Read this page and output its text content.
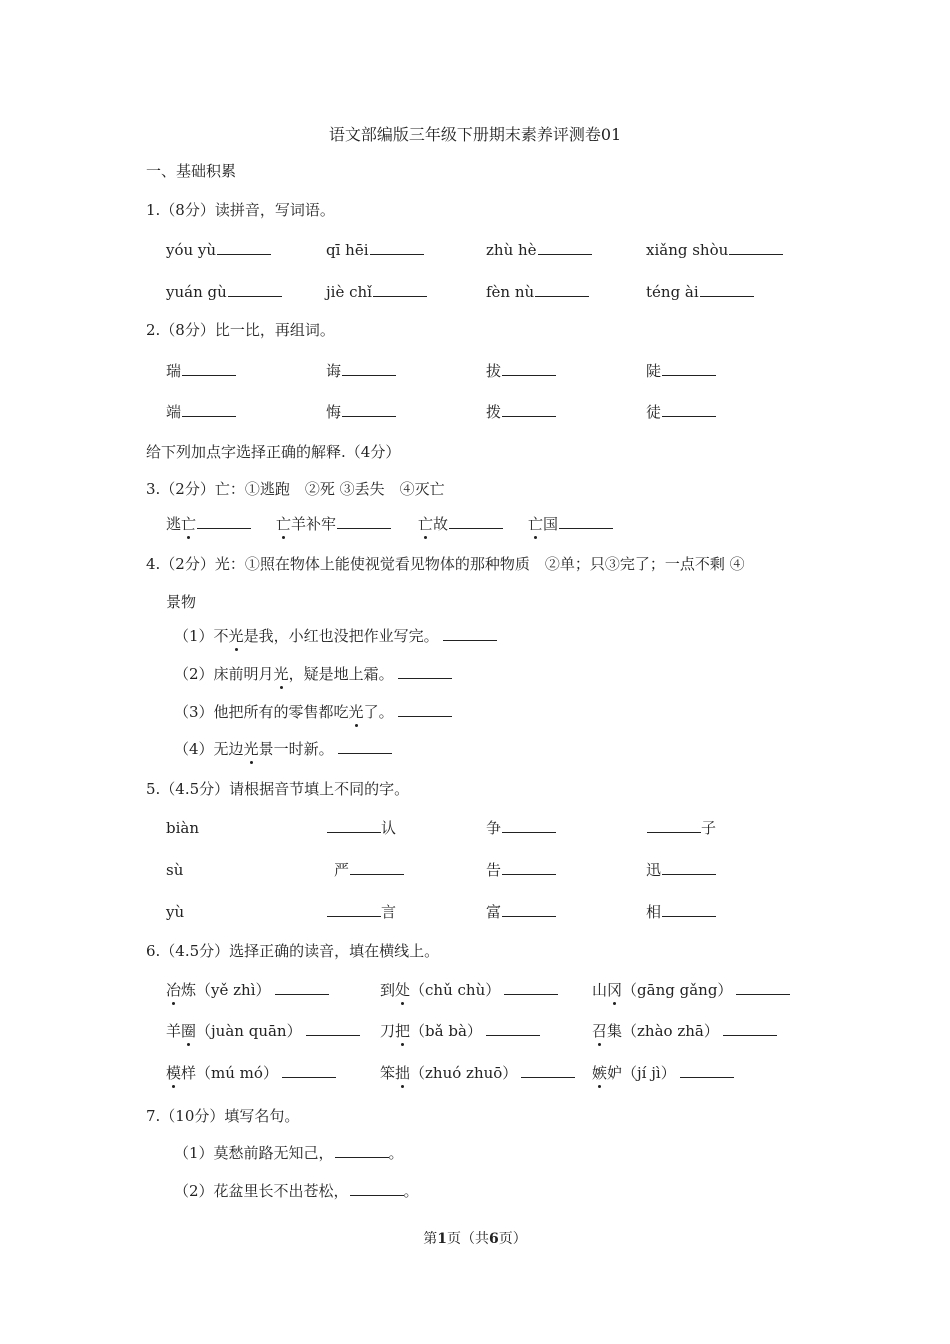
语文部编版三年级下册期末素养评测卷01
一、基础积累
1.（8分）读拼音，写词语。
yóu yù	qī hēi	zhù hè	xiǎng shòu
yuán gù	jiè chǐ	fèn nù	téng ài
2.（8分）比一比，再组词。
瑞	诲	拔	陡
端	悔	拨	徒
给下列加点字选择正确的解释.（4分）
3.（2分）亡：①逃跑　②死 ③丢失　④灭亡
逃亡	亡羊补牢	亡故	亡国
4.（2分）光：①照在物体上能使视觉看见物体的那种物质　②单；只③完了；一点不剩 ④
景物
（1）不光是我，小红也没把作业写完。
（2）床前明月光，疑是地上霜。
（3）他把所有的零售都吃光了。
（4）无边光景一时新。
5.（4.5分）请根据音节填上不同的字。
biàn	认	争	子
sù	严	告	迅
yù	言	富	相
6.（4.5分）选择正确的读音，填在横线上。
冶炼（yě zhì）	到处（chǔ chù）	山冈（gāng gǎng）
羊圈（juàn quān）	刀把（bǎ bà）	召集（zhào zhā）
模样（mú mó）	笨拙（zhuó zhuō）	嫉妒（jí jì）
7.（10分）填写名句。
（1）莫愁前路无知己，	。
（2）花盆里长不出苍松，	。
第1页（共6页）
